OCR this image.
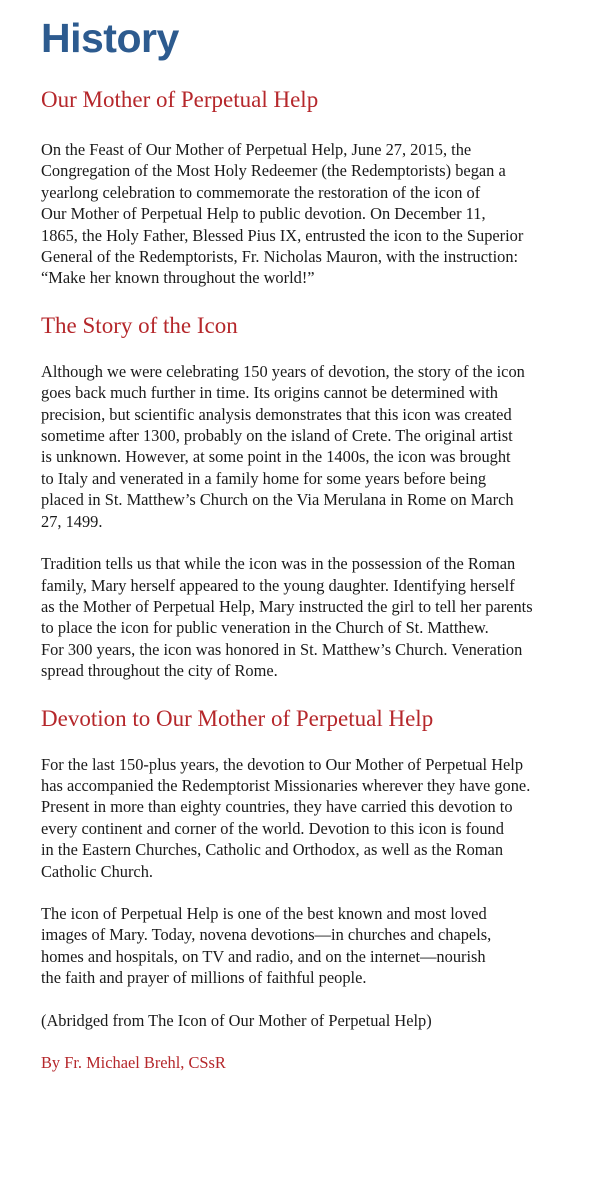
History
Our Mother of Perpetual Help

On the Feast of Our Mother of Perpetual Help, June 27, 2015, the
Congregation of the Most Holy Redeemer (the Redemptorists) began a
yearlong celebration to commemorate the restoration of the icon of
Our Mother of Perpetual Help to public devotion. On December 11,
1865, the Holy Father, Blessed Pius IX, entrusted the icon to the Superior
General of the Redemptorists, Fr. Nicholas Mauron, with the instruction:
“Make her known throughout the world!”

The Story of the Icon

Although we were celebrating 150 years of devotion, the story of the icon
goes back much further in time. Its origins cannot be determined with
precision, but scientific analysis demonstrates that this icon was created
sometime after 1300, probably on the island of Crete. The original artist
is unknown. However, at some point in the 1400s, the icon was brought
to Italy and venerated in a family home for some years before being
placed in St. Matthew’s Church on the Via Merulana in Rome on March
27, 1499.

Tradition tells us that while the icon was in the possession of the Roman
family, Mary herself appeared to the young daughter. Identifying herself
as the Mother of Perpetual Help, Mary instructed the girl to tell her parents
to place the icon for public veneration in the Church of St. Matthew.
For 300 years, the icon was honored in St. Matthew’s Church. Veneration
spread throughout the city of Rome.

Devotion to Our Mother of Perpetual Help

For the last 150-plus years, the devotion to Our Mother of Perpetual Help
has accompanied the Redemptorist Missionaries wherever they have gone.
Present in more than eighty countries, they have carried this devotion to
every continent and corner of the world. Devotion to this icon is found
in the Eastern Churches, Catholic and Orthodox, as well as the Roman
Catholic Church.

The icon of Perpetual Help is one of the best known and most loved
images of Mary. Today, novena devotions—in churches and chapels,
homes and hospitals, on TV and radio, and on the internet—nourish
the faith and prayer of millions of faithful people.

(Abridged from The Icon of Our Mother of Perpetual Help)

By Fr. Michael Brehl, CSsR
